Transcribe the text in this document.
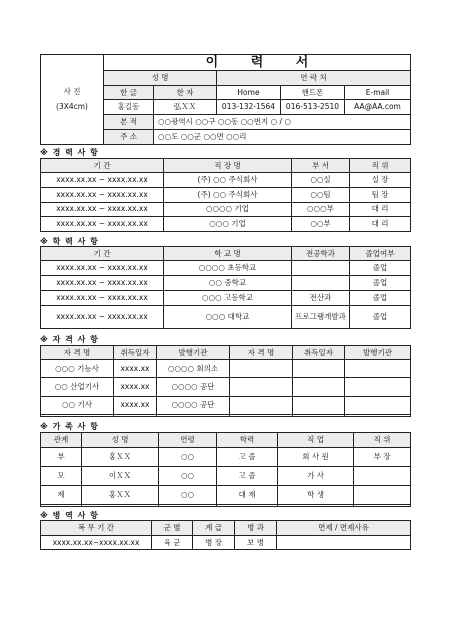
사 진
(3X4cm)	이 력 서				
	성 명		연 락 처		
	한 글	한 자	Home	핸드폰	E-mail
	홍길동	弘ＸＸ	013-132-1564	016-513-2510	AA@AA.com
	본 적	○○광역시 ○○구 ○○동 ○○번지 ○ / ○			
	주 소	○○도 ○○군 ○○면 ○○리			
※ 경 력 사 항
기 간	직 장 명	부 서	직 위
xxxx.xx.xx ~ xxxx.xx.xx	(주) ○○ 주식회사	○○실	실 장
xxxx.xx.xx ~ xxxx.xx.xx	(주) ○○ 주식회사	○○팀	팀 장
xxxx.xx.xx ~ xxxx.xx.xx	○○○○ 기업	○○○부	대 리
xxxx.xx.xx ~ xxxx.xx.xx	○○○ 기업	○○부	대 리
※ 학 력 사 항
기 간	학 교 명	전공학과	졸업여부
xxxx.xx.xx ~ xxxx.xx.xx	○○○○ 초등학교		졸업
xxxx.xx.xx ~ xxxx.xx.xx	○○ 중학교		졸업
xxxx.xx.xx ~ xxxx.xx.xx	○○○ 고등학교	전산과	졸업
xxxx.xx.xx ~ xxxx.xx.xx	○○○ 대학교	프로그램개발과	졸업
※ 자 격 사 항
자 격 명	취득일자	발행기관	자 격 명	취득일자	발행기관
○○○ 기능사	xxxx.xx	○○○○ 회의소			
○○ 산업기사	xxxx.xx	○○○○ 공단			
○○ 기사	xxxx.xx	○○○○ 공단			

※ 가 족 사 항
관계	성 명	연령	학력	직 업	직 위
부	홍ＸＸ	○○	고 졸	회 사 원	부 장
모	이ＸＸ	○○	고 졸	가 사	
제	홍ＸＸ	○○	대 재	학 생	

※ 병 역 사 항
복 무 기 간	군 별	계 급	병 과	면제 / 면제사유
xxxx.xx.xx~xxxx.xx.xx	육 군	병 장	보 병	
